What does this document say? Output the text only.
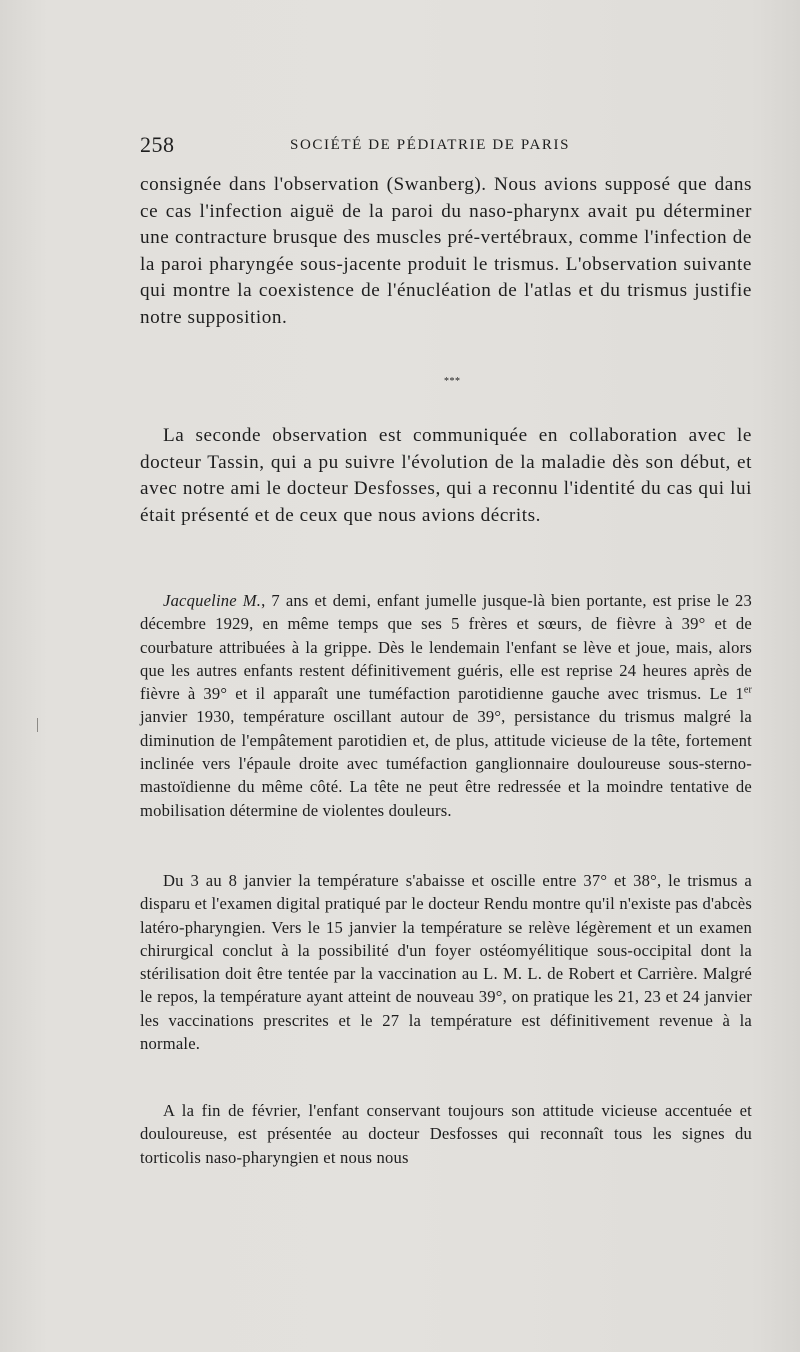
258	SOCIÉTÉ DE PÉDIATRIE DE PARIS

consignée dans l'observation (Swanberg). Nous avions supposé que dans ce cas l'infection aiguë de la paroi du naso-pharynx avait pu déterminer une contracture brusque des muscles pré-vertébraux, comme l'infection de la paroi pharyngée sous-jacente produit le trismus. L'observation suivante qui montre la coexistence de l'énucléation de l'atlas et du trismus justifie notre supposition.

* * *

La seconde observation est communiquée en collaboration avec le docteur Tassin, qui a pu suivre l'évolution de la maladie dès son début, et avec notre ami le docteur Desfosses, qui a reconnu l'identité du cas qui lui était présenté et de ceux que nous avions décrits.

Jacqueline M., 7 ans et demi, enfant jumelle jusque-là bien portante, est prise le 23 décembre 1929, en même temps que ses 5 frères et sœurs, de fièvre à 39° et de courbature attribuées à la grippe. Dès le lendemain l'enfant se lève et joue, mais, alors que les autres enfants restent définitivement guéris, elle est reprise 24 heures après de fièvre à 39° et il apparaît une tuméfaction parotidienne gauche avec trismus. Le 1er janvier 1930, température oscillant autour de 39°, persistance du trismus malgré la diminution de l'empâtement parotidien et, de plus, attitude vicieuse de la tête, fortement inclinée vers l'épaule droite avec tuméfaction ganglionnaire douloureuse sous-sterno-mastoïdienne du même côté. La tête ne peut être redressée et la moindre tentative de mobilisation détermine de violentes douleurs.

Du 3 au 8 janvier la température s'abaisse et oscille entre 37° et 38°, le trismus a disparu et l'examen digital pratiqué par le docteur Rendu montre qu'il n'existe pas d'abcès latéro-pharyngien. Vers le 15 janvier la température se relève légèrement et un examen chirurgical conclut à la possibilité d'un foyer ostéomyélitique sous-occipital dont la stérilisation doit être tentée par la vaccination au L. M. L. de Robert et Carrière. Malgré le repos, la température ayant atteint de nouveau 39°, on pratique les 21, 23 et 24 janvier les vaccinations prescrites et le 27 la température est définitivement revenue à la normale.

A la fin de février, l'enfant conservant toujours son attitude vicieuse accentuée et douloureuse, est présentée au docteur Desfosses qui reconnaît tous les signes du torticolis naso-pharyngien et nous nous
